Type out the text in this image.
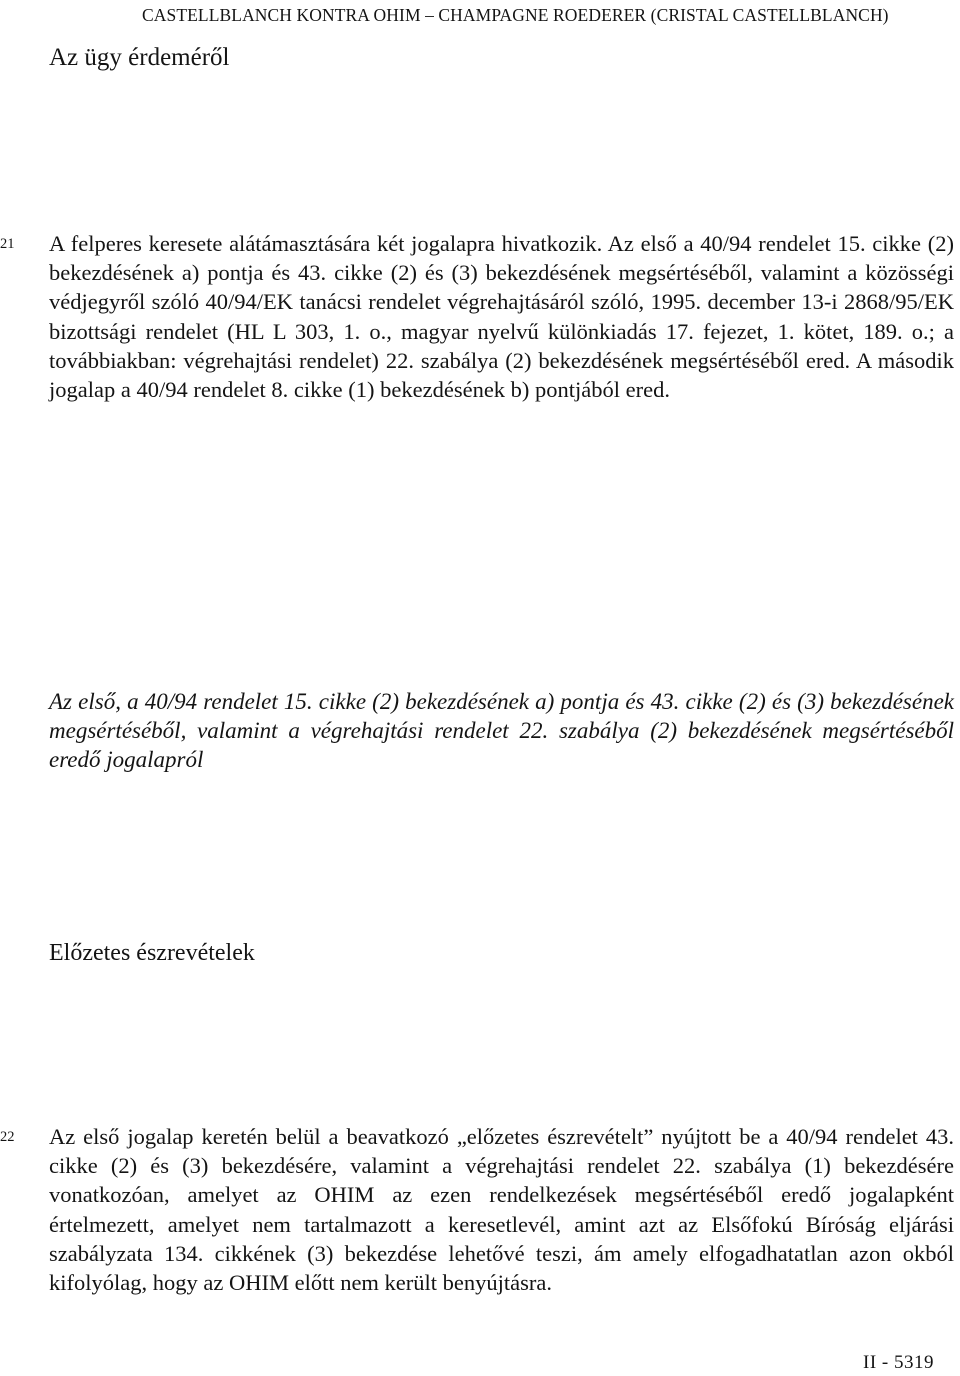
CASTELLBLANCH KONTRA OHIM – CHAMPAGNE ROEDERER (CRISTAL CASTELLBLANCH)
Az ügy érdeméről
21	A felperes keresete alátámasztására két jogalapra hivatkozik. Az első a 40/94 rendelet 15. cikke (2) bekezdésének a) pontja és 43. cikke (2) és (3) bekezdésének megsértéséből, valamint a közösségi védjegyről szóló 40/94/EK tanácsi rendelet végrehajtásáról szóló, 1995. december 13-i 2868/95/EK bizottsági rendelet (HL L 303, 1. o., magyar nyelvű különkiadás 17. fejezet, 1. kötet, 189. o.; a továbbiakban: végrehajtási rendelet) 22. szabálya (2) bekezdésének megsértéséből ered. A második jogalap a 40/94 rendelet 8. cikke (1) bekezdésének b) pontjából ered.
Az első, a 40/94 rendelet 15. cikke (2) bekezdésének a) pontja és 43. cikke (2) és (3) bekezdésének megsértéséből, valamint a végrehajtási rendelet 22. szabálya (2) bekezdésének megsértéséből eredő jogalapról
Előzetes észrevételek
22	Az első jogalap keretén belül a beavatkozó „előzetes észrevételt” nyújtott be a 40/94 rendelet 43. cikke (2) és (3) bekezdésére, valamint a végrehajtási rendelet 22. szabálya (1) bekezdésére vonatkozóan, amelyet az OHIM az ezen rendelkezések megsértéséből eredő jogalapként értelmezett, amelyet nem tartalmazott a keresetlevél, amint azt az Elsőfokú Bíróság eljárási szabályzata 134. cikkének (3) bekezdése lehetővé teszi, ám amely elfogadhatatlan azon okból kifolyólag, hogy az OHIM előtt nem került benyújtásra.
II - 5319
